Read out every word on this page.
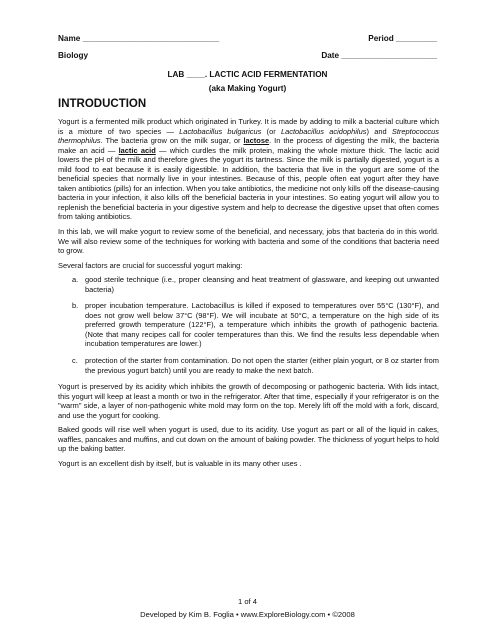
Name ______________________________	Period _________
Biology	Date _____________________
LAB ____. LACTIC ACID FERMENTATION
(aka Making Yogurt)
INTRODUCTION

Yogurt is a fermented milk product which originated in Turkey. It is made by adding to milk a bacterial culture which is a mixture of two species — Lactobacillus bulgaricus (or Lactobacillus acidophilus) and Streptococcus thermophilus. The bacteria grow on the milk sugar, or lactose. In the process of digesting the milk, the bacteria make an acid — lactic acid — which curdles the milk protein, making the whole mixture thick. The lactic acid lowers the pH of the milk and therefore gives the yogurt its tartness. Since the milk is partially digested, yogurt is a mild food to eat because it is easily digestible. In addition, the bacteria that live in the yogurt are some of the beneficial species that normally live in your intestines. Because of this, people often eat yogurt after they have taken antibiotics (pills) for an infection. When you take antibiotics, the medicine not only kills off the disease-causing bacteria in your infection, it also kills off the beneficial bacteria in your intestines. So eating yogurt will allow you to replenish the beneficial bacteria in your digestive system and help to decrease the digestive upset that often comes from taking antibiotics.

In this lab, we will make yogurt to review some of the beneficial, and necessary, jobs that bacteria do in this world. We will also review some of the techniques for working with bacteria and some of the conditions that bacteria need to grow.

Several factors are crucial for successful yogurt making:

a. good sterile technique (i.e., proper cleansing and heat treatment of glassware, and keeping out unwanted bacteria)
b. proper incubation temperature. Lactobacillus is killed if exposed to temperatures over 55°C (130°F), and does not grow well below 37°C (98°F). We will incubate at 50°C, a temperature on the high side of its preferred growth temperature (122°F), a temperature which inhibits the growth of pathogenic bacteria. (Note that many recipes call for cooler temperatures than this. We find the results less dependable when incubation temperatures are lower.)
c. protection of the starter from contamination. Do not open the starter (either plain yogurt, or 8 oz starter from the previous yogurt batch) until you are ready to make the next batch.

Yogurt is preserved by its acidity which inhibits the growth of decomposing or pathogenic bacteria. With lids intact, this yogurt will keep at least a month or two in the refrigerator. After that time, especially if your refrigerator is on the "warm" side, a layer of non-pathogenic white mold may form on the top. Merely lift off the mold with a fork, discard, and use the yogurt for cooking.

Baked goods will rise well when yogurt is used, due to its acidity. Use yogurt as part or all of the liquid in cakes, waffles, pancakes and muffins, and cut down on the amount of baking powder. The thickness of yogurt helps to hold up the baking batter.

Yogurt is an excellent dish by itself, but is valuable in its many other uses .

1 of 4
Developed by Kim B. Foglia • www.ExploreBiology.com • ©2008
